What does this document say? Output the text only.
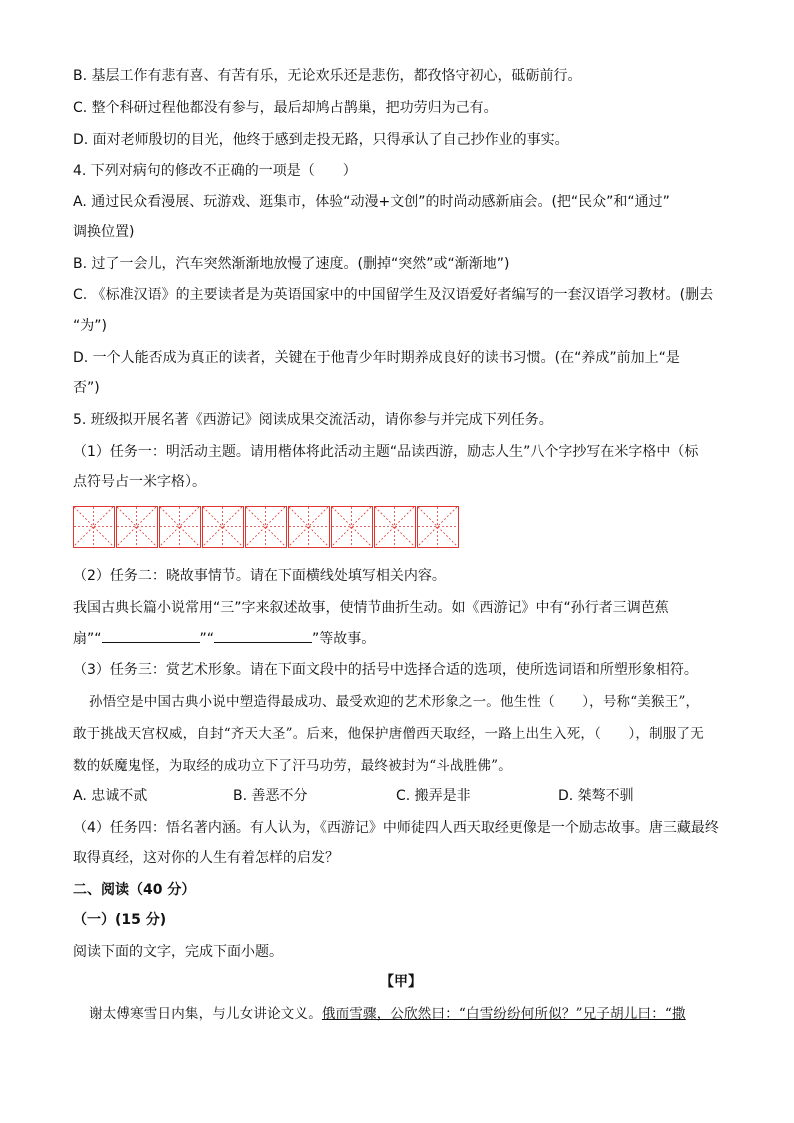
B. 基层工作有悲有喜、有苦有乐，无论欢乐还是悲伤，都孜恪守初心，砥砺前行。
C. 整个科研过程他都没有参与，最后却鸠占鹊巢，把功劳归为己有。
D. 面对老师殷切的目光，他终于感到走投无路，只得承认了自己抄作业的事实。
4. 下列对病句的修改不正确的一项是（　　）
A. 通过民众看漫展、玩游戏、逛集市，体验“动漫+文创”的时尚动感新庙会。(把“民众”和“通过”
调换位置)
B. 过了一会儿，汽车突然渐渐地放慢了速度。(删掉“突然”或“渐渐地”)
C. 《标准汉语》的主要读者是为英语国家中的中国留学生及汉语爱好者编写的一套汉语学习教材。(删去
“为”)
D. 一个人能否成为真正的读者，关键在于他青少年时期养成良好的读书习惯。(在“养成”前加上“是
否”)
5. 班级拟开展名著《西游记》阅读成果交流活动，请你参与并完成下列任务。
（1）任务一：明活动主题。请用楷体将此活动主题“品读西游，励志人生”八个字抄写在米字格中（标
点符号占一米字格）。
（2）任务二：晓故事情节。请在下面横线处填写相关内容。
我国古典长篇小说常用“三”字来叙述故事，使情节曲折生动。如《西游记》中有“孙行者三调芭蕉
扇”“	”“	”等故事。
（3）任务三：赏艺术形象。请在下面文段中的括号中选择合适的选项，使所选词语和所塑形象相符。
孙悟空是中国古典小说中塑造得最成功、最受欢迎的艺术形象之一。他生性（　　），号称“美猴王”，
敢于挑战天宫权威，自封“齐天大圣”。后来，他保护唐僧西天取经，一路上出生入死，（　　），制服了无
数的妖魔鬼怪，为取经的成功立下了汗马功劳，最终被封为“斗战胜佛”。
A. 忠诚不贰	B. 善恶不分	C. 搬弄是非	D. 桀骜不驯
（4）任务四：悟名著内涵。有人认为，《西游记》中师徒四人西天取经更像是一个励志故事。唐三藏最终
取得真经，这对你的人生有着怎样的启发？
二、阅读（40 分）
（一）(15 分)
阅读下面的文字，完成下面小题。
【甲】
谢太傅寒雪日内集，与儿女讲论文义。俄而雪骤，公欣然曰：“白雪纷纷何所似？”兄子胡儿曰：“撒
